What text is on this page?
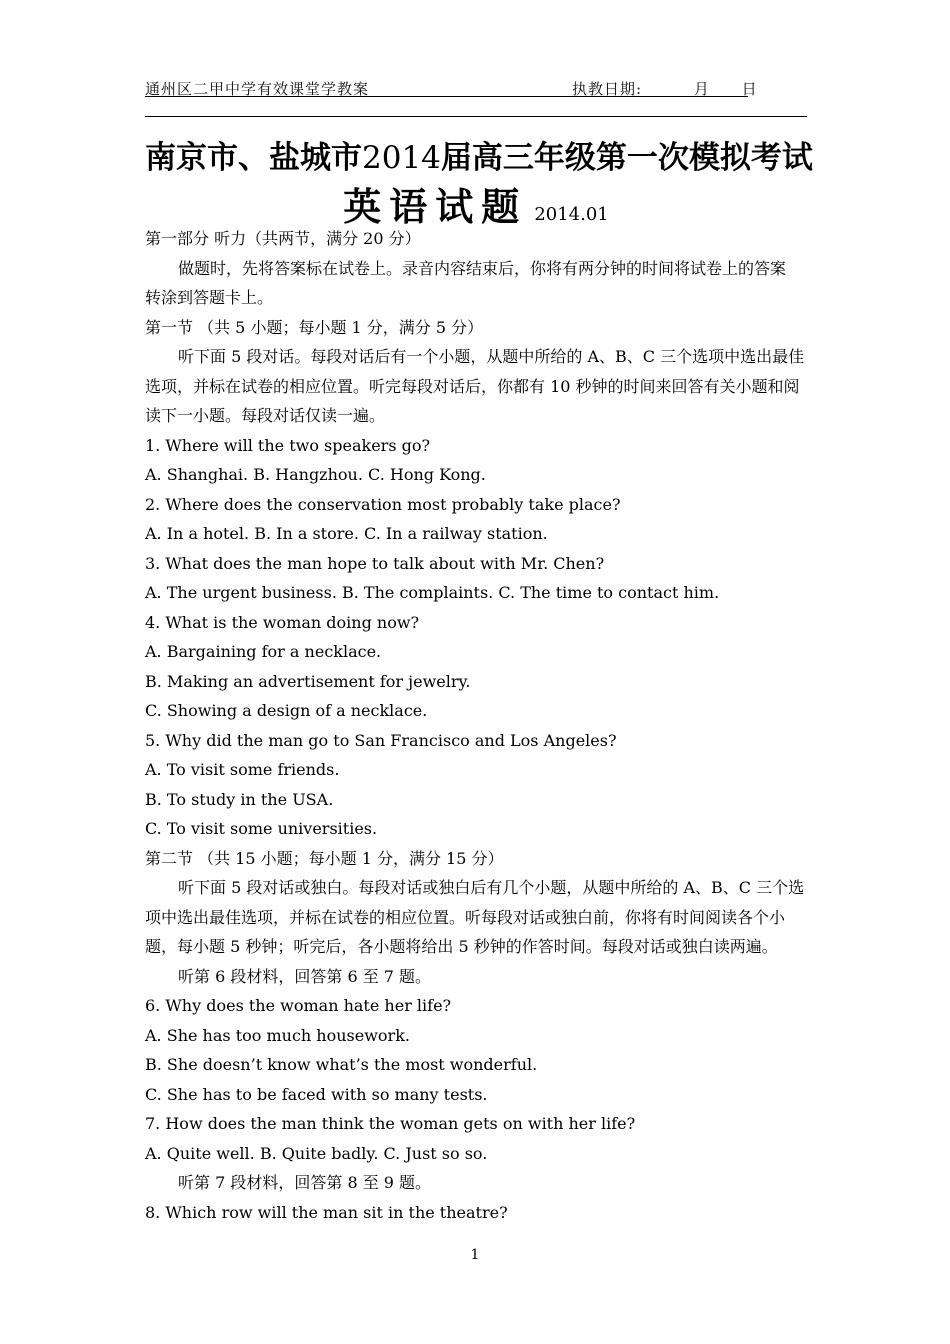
通州区二甲中学有效课堂学教案	执教日期:	月 日
南京市、盐城市2014届高三年级第一次模拟考试
英语试题 2014.01
第一部分 听力（共两节，满分 20 分）
做题时，先将答案标在试卷上。录音内容结束后，你将有两分钟的时间将试卷上的答案
转涂到答题卡上。
第一节 （共 5 小题；每小题 1 分，满分 5 分）
听下面 5 段对话。每段对话后有一个小题，从题中所给的 A、B、C 三个选项中选出最佳
选项，并标在试卷的相应位置。听完每段对话后，你都有 10 秒钟的时间来回答有关小题和阅
读下一小题。每段对话仅读一遍。
1. Where will the two speakers go?
A. Shanghai. B. Hangzhou. C. Hong Kong.
2. Where does the conservation most probably take place?
A. In a hotel. B. In a store. C. In a railway station.
3. What does the man hope to talk about with Mr. Chen?
A. The urgent business. B. The complaints. C. The time to contact him.
4. What is the woman doing now?
A. Bargaining for a necklace.
B. Making an advertisement for jewelry.
C. Showing a design of a necklace.
5. Why did the man go to San Francisco and Los Angeles?
A. To visit some friends.
B. To study in the USA.
C. To visit some universities.
第二节 （共 15 小题；每小题 1 分，满分 15 分）
听下面 5 段对话或独白。每段对话或独白后有几个小题，从题中所给的 A、B、C 三个选
项中选出最佳选项，并标在试卷的相应位置。听每段对话或独白前，你将有时间阅读各个小
题，每小题 5 秒钟；听完后，各小题将给出 5 秒钟的作答时间。每段对话或独白读两遍。
听第 6 段材料，回答第 6 至 7 题。
6. Why does the woman hate her life?
A. She has too much housework.
B. She doesn’t know what’s the most wonderful.
C. She has to be faced with so many tests.
7. How does the man think the woman gets on with her life?
A. Quite well. B. Quite badly. C. Just so so.
听第 7 段材料，回答第 8 至 9 题。
8. Which row will the man sit in the theatre?
1
